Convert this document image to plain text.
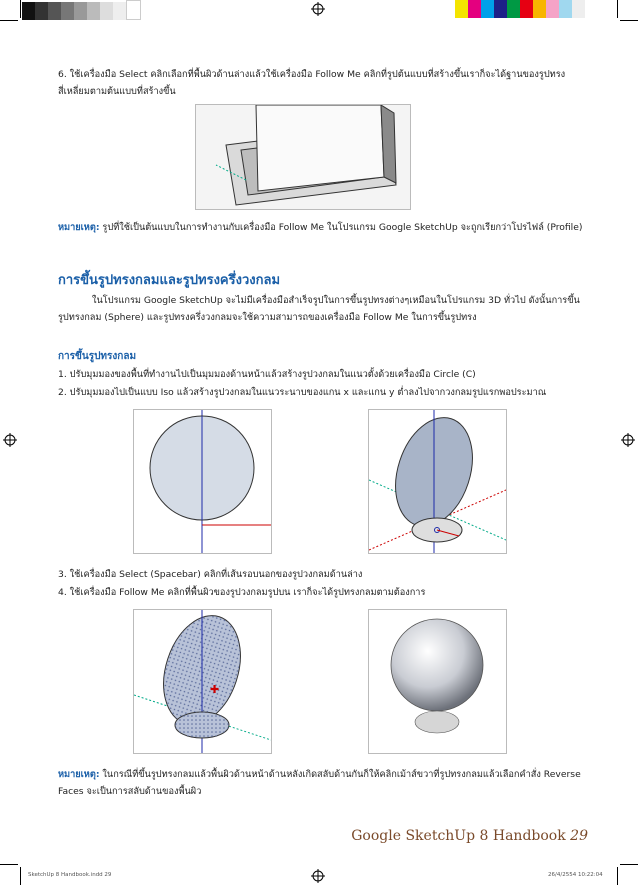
6. ใช้เครื่องมือ Select คลิกเลือกที่พื้นผิวด้านล่างแล้วใช้เครื่องมือ Follow Me คลิกที่รูปต้นแบบที่สร้างขึ้นเราก็จะได้ฐานของรูปทรงสี่เหลี่ยมตามต้นแบบที่สร้างขึ้น
หมายเหตุ: รูปที่ใช้เป็นต้นแบบในการทำงานกับเครื่องมือ Follow Me ในโปรแกรม Google SketchUp จะถูกเรียกว่าโปรไฟล์ (Profile)
การขึ้นรูปทรงกลมและรูปทรงครึ่งวงกลม
ในโปรแกรม Google SketchUp จะไม่มีเครื่องมือสำเร็จรูปในการขึ้นรูปทรงต่างๆเหมือนในโปรแกรม 3D ทั่วไป ดังนั้นการขึ้นรูปทรงกลม (Sphere) และรูปทรงครึ่งวงกลมจะใช้ความสามารถของเครื่องมือ Follow Me ในการขึ้นรูปทรง
การขึ้นรูปทรงกลม
1. ปรับมุมมองของพื้นที่ทำงานไปเป็นมุมมองด้านหน้าแล้วสร้างรูปวงกลมในแนวตั้งด้วยเครื่องมือ Circle (C)
2. ปรับมุมมองไปเป็นแบบ Iso แล้วสร้างรูปวงกลมในแนวระนาบของแกน x และแกน y ต่ำลงไปจากวงกลมรูปแรกพอประมาณ
3. ใช้เครื่องมือ Select (Spacebar) คลิกที่เส้นรอบนอกของรูปวงกลมด้านล่าง
4. ใช้เครื่องมือ Follow Me คลิกที่พื้นผิวของรูปวงกลมรูปบน เราก็จะได้รูปทรงกลมตามต้องการ
✚
หมายเหตุ: ในกรณีที่ขึ้นรูปทรงกลมแล้วพื้นผิวด้านหน้าด้านหลังเกิดสลับด้านกันก็ให้คลิกเม้าส์ขวาที่รูปทรงกลมแล้วเลือกคำสั่ง Reverse Faces จะเป็นการสลับด้านของพื้นผิว
Google SketchUp 8 Handbook 29
SketchUp 8 Handbook.indd 29	26/4/2554 10:22:04
